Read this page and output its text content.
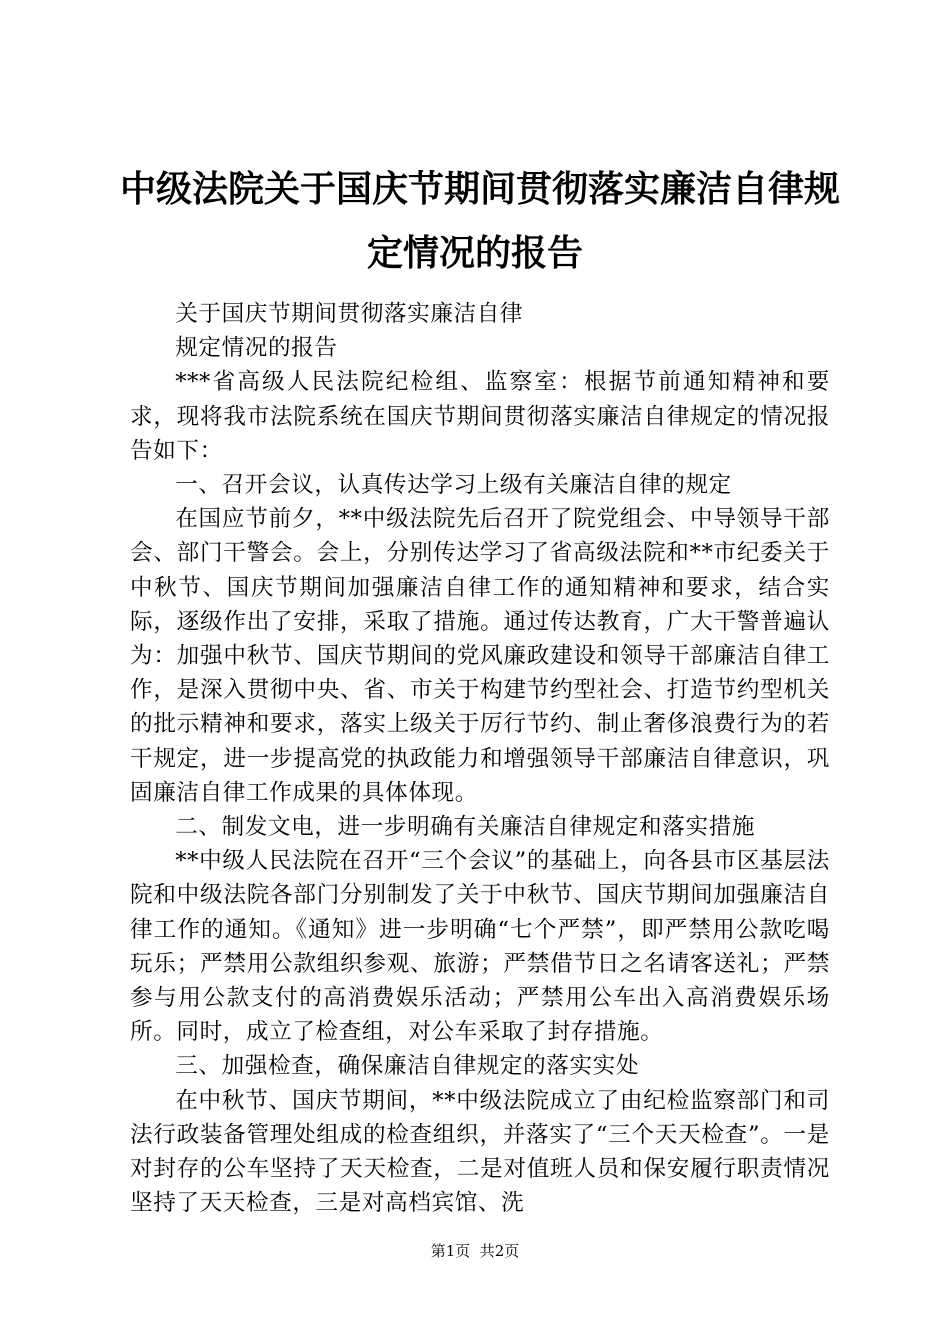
中级法院关于国庆节期间贯彻落实廉洁自律规
定情况的报告

关于国庆节期间贯彻落实廉洁自律

规定情况的报告

***省高级人民法院纪检组、监察室：根据节前通知精神和要求，现将我市法院系统在国庆节期间贯彻落实廉洁自律规定的情况报告如下：

一、召开会议，认真传达学习上级有关廉洁自律的规定

在国应节前夕，**中级法院先后召开了院党组会、中导领导干部会、部门干警会。会上，分别传达学习了省高级法院和**市纪委关于中秋节、国庆节期间加强廉洁自律工作的通知精神和要求，结合实际，逐级作出了安排，采取了措施。通过传达教育，广大干警普遍认为：加强中秋节、国庆节期间的党风廉政建设和领导干部廉洁自律工作，是深入贯彻中央、省、市关于构建节约型社会、打造节约型机关的批示精神和要求，落实上级关于厉行节约、制止奢侈浪费行为的若干规定，进一步提高党的执政能力和增强领导干部廉洁自律意识，巩固廉洁自律工作成果的具体体现。

二、制发文电，进一步明确有关廉洁自律规定和落实措施

**中级人民法院在召开“三个会议”的基础上，向各县市区基层法院和中级法院各部门分别制发了关于中秋节、国庆节期间加强廉洁自律工作的通知。《通知》进一步明确“七个严禁”，即严禁用公款吃喝玩乐；严禁用公款组织参观、旅游；严禁借节日之名请客送礼；严禁参与用公款支付的高消费娱乐活动；严禁用公车出入高消费娱乐场所。同时，成立了检查组，对公车采取了封存措施。

三、加强检查，确保廉洁自律规定的落实实处

在中秋节、国庆节期间，**中级法院成立了由纪检监察部门和司法行政装备管理处组成的检查组织，并落实了“三个天天检查”。一是对封存的公车坚持了天天检查，二是对值班人员和保安履行职责情况坚持了天天检查，三是对高档宾馆、洗

第1页  共2页
